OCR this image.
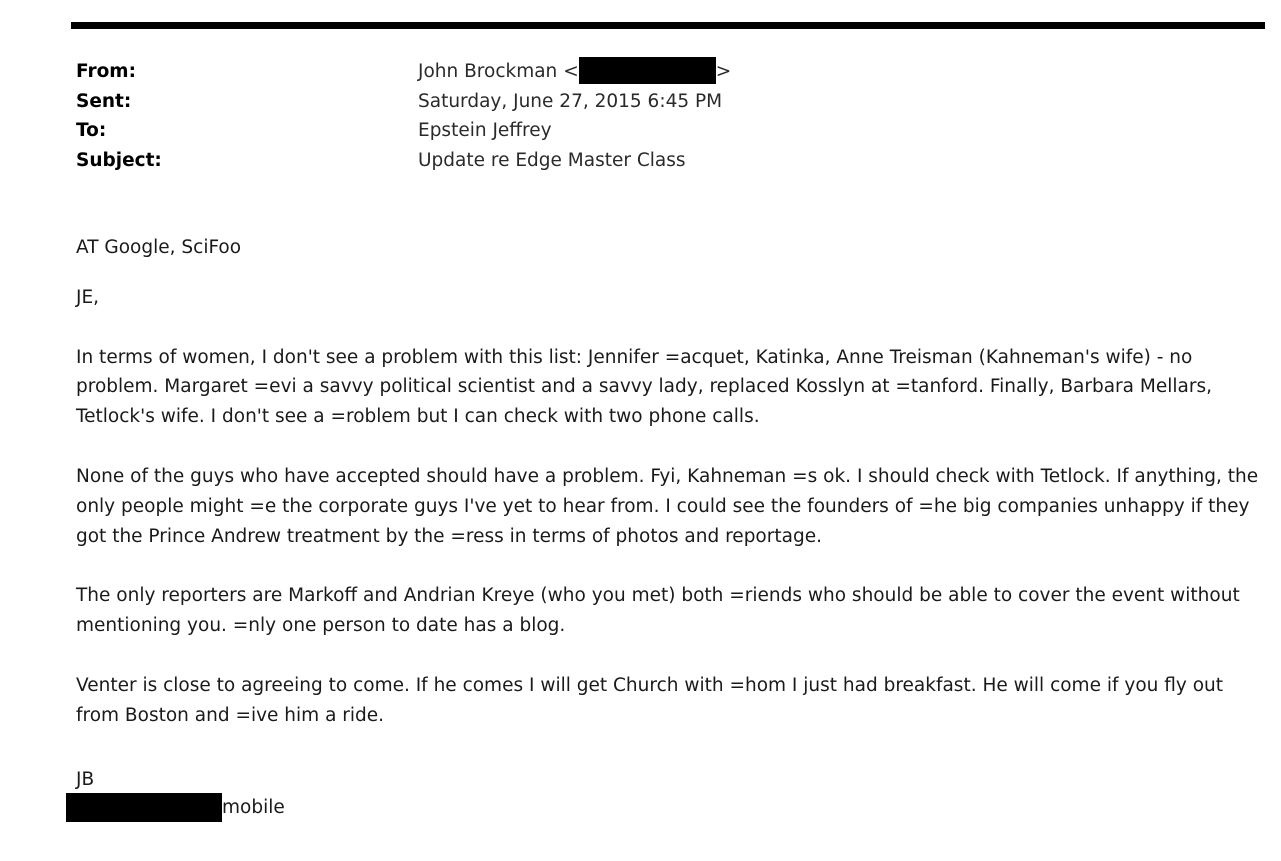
From:	John Brockman <	>
Sent:	Saturday, June 27, 2015 6:45 PM
To:	Epstein Jeffrey
Subject:	Update re Edge Master Class

AT Google, SciFoo

JE,

In terms of women, I don't see a problem with this list: Jennifer =acquet, Katinka, Anne Treisman (Kahneman's wife) - no problem. Margaret =evi a savvy political scientist and a savvy lady, replaced Kosslyn at =tanford. Finally, Barbara Mellars, Tetlock's wife. I don't see a =roblem but I can check with two phone calls.

None of the guys who have accepted should have a problem. Fyi, Kahneman =s ok. I should check with Tetlock. If anything, the only people might =e the corporate guys I've yet to hear from. I could see the founders of =he big companies unhappy if they got the Prince Andrew treatment by the =ress in terms of photos and reportage.

The only reporters are Markoff and Andrian Kreye (who you met) both =riends who should be able to cover the event without mentioning you. =nly one person to date has a blog.

Venter is close to agreeing to come. If he comes I will get Church with =hom I just had breakfast. He will come if you fly out from Boston and =ive him a ride.

JB
mobile
